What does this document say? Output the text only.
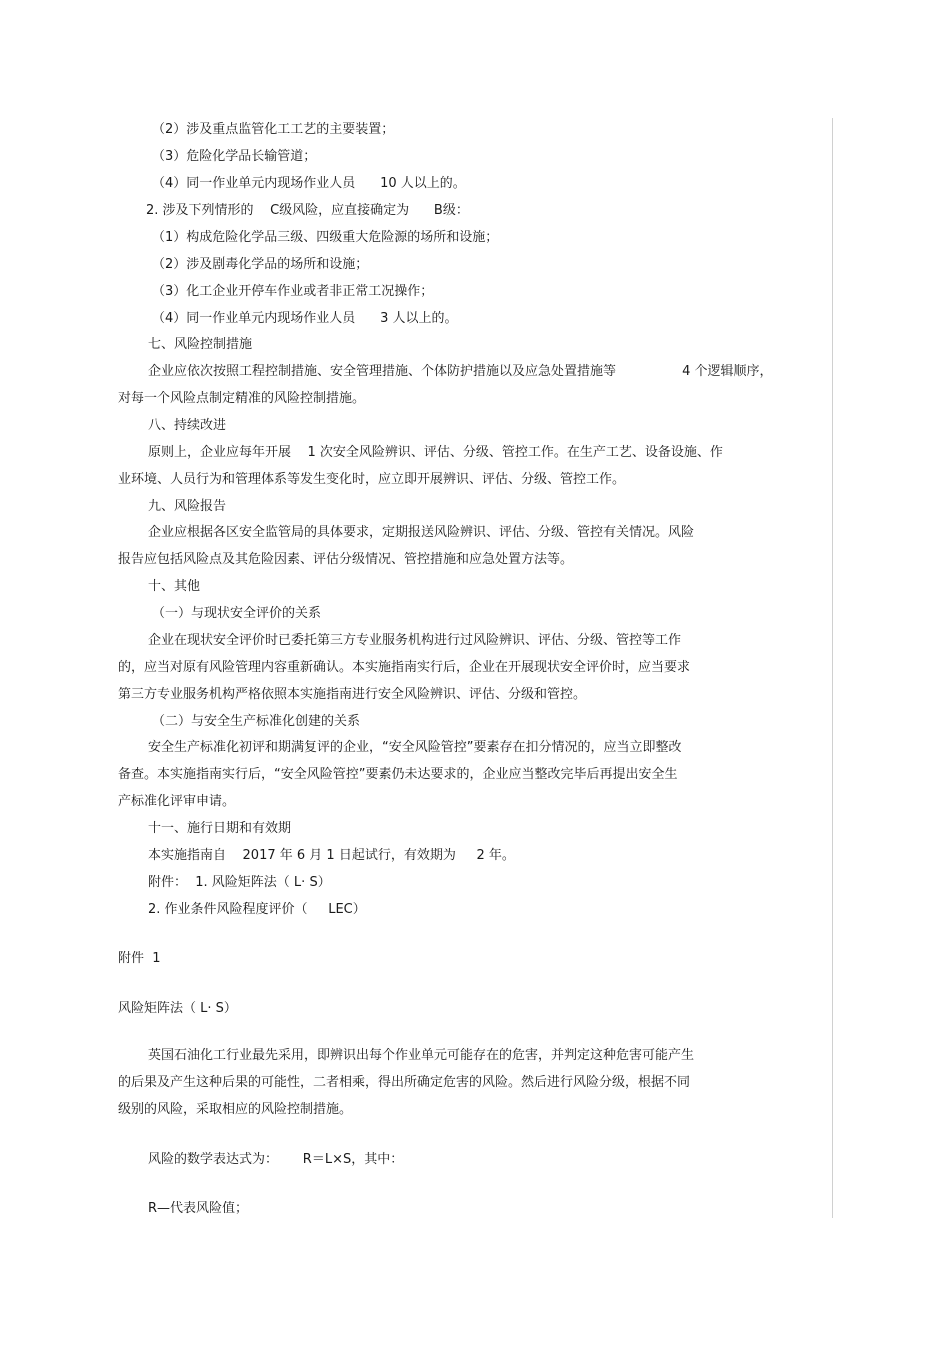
（2）涉及重点监管化工工艺的主要装置；
（3）危险化学品长输管道；
（4）同一作业单元内现场作业人员      10 人以上的。
2. 涉及下列情形的    C级风险，应直接确定为      B级：
（1）构成危险化学品三级、四级重大危险源的场所和设施；
（2）涉及剧毒化学品的场所和设施；
（3）化工企业开停车作业或者非正常工况操作；
（4）同一作业单元内现场作业人员      3 人以上的。
七、风险控制措施
企业应依次按照工程控制措施、安全管理措施、个体防护措施以及应急处置措施等                4 个逻辑顺序，
对每一个风险点制定精准的风险控制措施。
八、持续改进
原则上，企业应每年开展    1 次安全风险辨识、评估、分级、管控工作。在生产工艺、设备设施、作
业环境、人员行为和管理体系等发生变化时，应立即开展辨识、评估、分级、管控工作。
九、风险报告
企业应根据各区安全监管局的具体要求，定期报送风险辨识、评估、分级、管控有关情况。风险
报告应包括风险点及其危险因素、评估分级情况、管控措施和应急处置方法等。
十、其他
（一）与现状安全评价的关系
企业在现状安全评价时已委托第三方专业服务机构进行过风险辨识、评估、分级、管控等工作
的，应当对原有风险管理内容重新确认。本实施指南实行后，企业在开展现状安全评价时，应当要求
第三方专业服务机构严格依照本实施指南进行安全风险辨识、评估、分级和管控。
（二）与安全生产标准化创建的关系
安全生产标准化初评和期满复评的企业，“安全风险管控”要素存在扣分情况的，应当立即整改
备查。本实施指南实行后，“安全风险管控”要素仍未达要求的，企业应当整改完毕后再提出安全生
产标准化评审申请。
十一、施行日期和有效期
本实施指南自    2017 年 6 月 1 日起试行，有效期为     2 年。
附件：  1. 风险矩阵法（ L· S）
2. 作业条件风险程度评价（     LEC）
附件  1
风险矩阵法（ L· S）
英国石油化工行业最先采用，即辨识出每个作业单元可能存在的危害，并判定这种危害可能产生
的后果及产生这种后果的可能性，二者相乘，得出所确定危害的风险。然后进行风险分级，根据不同
级别的风险，采取相应的风险控制措施。
风险的数学表达式为：      R＝L×S，其中：
R—代表风险值；
